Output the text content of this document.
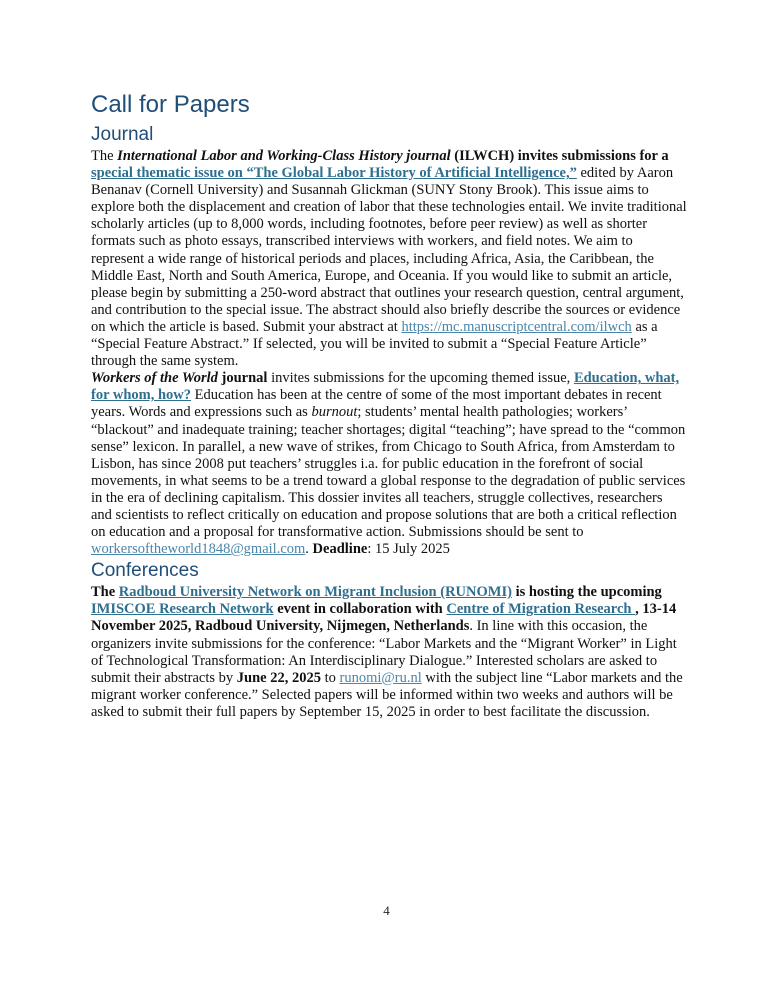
Call for Papers
Journal

The International Labor and Working-Class History journal (ILWCH) invites submissions for a special thematic issue on “The Global Labor History of Artificial Intelligence,” edited by Aaron Benanav (Cornell University) and Susannah Glickman (SUNY Stony Brook). This issue aims to explore both the displacement and creation of labor that these technologies entail. We invite traditional scholarly articles (up to 8,000 words, including footnotes, before peer review) as well as shorter formats such as photo essays, transcribed interviews with workers, and field notes. We aim to represent a wide range of historical periods and places, including Africa, Asia, the Caribbean, the Middle East, North and South America, Europe, and Oceania. If you would like to submit an article, please begin by submitting a 250-word abstract that outlines your research question, central argument, and contribution to the special issue. The abstract should also briefly describe the sources or evidence on which the article is based. Submit your abstract at https://mc.manuscriptcentral.com/ilwch as a “Special Feature Abstract.” If selected, you will be invited to submit a “Special Feature Article” through the same system.

Workers of the World journal invites submissions for the upcoming themed issue, Education, what, for whom, how? Education has been at the centre of some of the most important debates in recent years. Words and expressions such as burnout; students’ mental health pathologies; workers’ “blackout” and inadequate training; teacher shortages; digital “teaching”; have spread to the “common sense” lexicon. In parallel, a new wave of strikes, from Chicago to South Africa, from Amsterdam to Lisbon, has since 2008 put teachers’ struggles i.a. for public education in the forefront of social movements, in what seems to be a trend toward a global response to the degradation of public services in the era of declining capitalism. This dossier invites all teachers, struggle collectives, researchers and scientists to reflect critically on education and propose solutions that are both a critical reflection on education and a proposal for transformative action. Submissions should be sent to workersoftheworld1848@gmail.com. Deadline: 15 July 2025

Conferences

The Radboud University Network on Migrant Inclusion (RUNOMI) is hosting the upcoming IMISCOE Research Network event in collaboration with Centre of Migration Research , 13-14 November 2025, Radboud University, Nijmegen, Netherlands. In line with this occasion, the organizers invite submissions for the conference: “Labor Markets and the “Migrant Worker” in Light of Technological Transformation: An Interdisciplinary Dialogue.” Interested scholars are asked to submit their abstracts by June 22, 2025 to runomi@ru.nl with the subject line “Labor markets and the migrant worker conference.” Selected papers will be informed within two weeks and authors will be asked to submit their full papers by September 15, 2025 in order to best facilitate the discussion.

4
